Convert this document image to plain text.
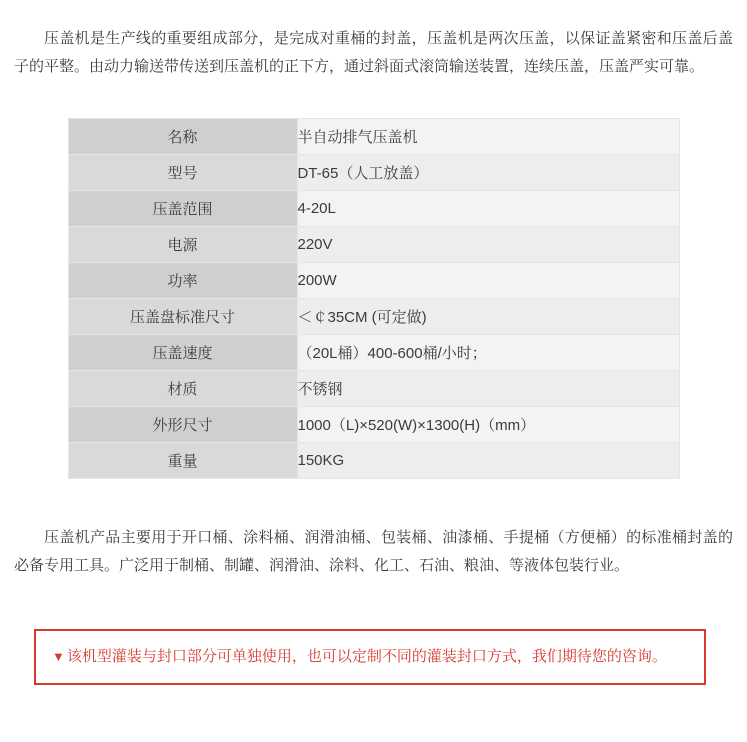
压盖机是生产线的重要组成部分，是完成对重桶的封盖，压盖机是两次压盖，以保证盖紧密和压盖后盖子的平整。由动力输送带传送到压盖机的正下方，通过斜面式滚筒输送装置，连续压盖，压盖严实可靠。

名称	半自动排气压盖机
型号	DT-65（人工放盖）
压盖范围	4-20L
电源	220V
功率	200W
压盖盘标准尺寸	＜￠35CM (可定做)
压盖速度	（20L桶）400-600桶/小时；
材质	不锈钢
外形尺寸	1000（L)×520(W)×1300(H)（mm）
重量	150KG

压盖机产品主要用于开口桶、涂料桶、润滑油桶、包装桶、油漆桶、手提桶（方便桶）的标准桶封盖的必备专用工具。广泛用于制桶、制罐、润滑油、涂料、化工、石油、粮油、等液体包装行业。

▼ 该机型灌装与封口部分可单独使用，也可以定制不同的灌装封口方式，我们期待您的咨询。
